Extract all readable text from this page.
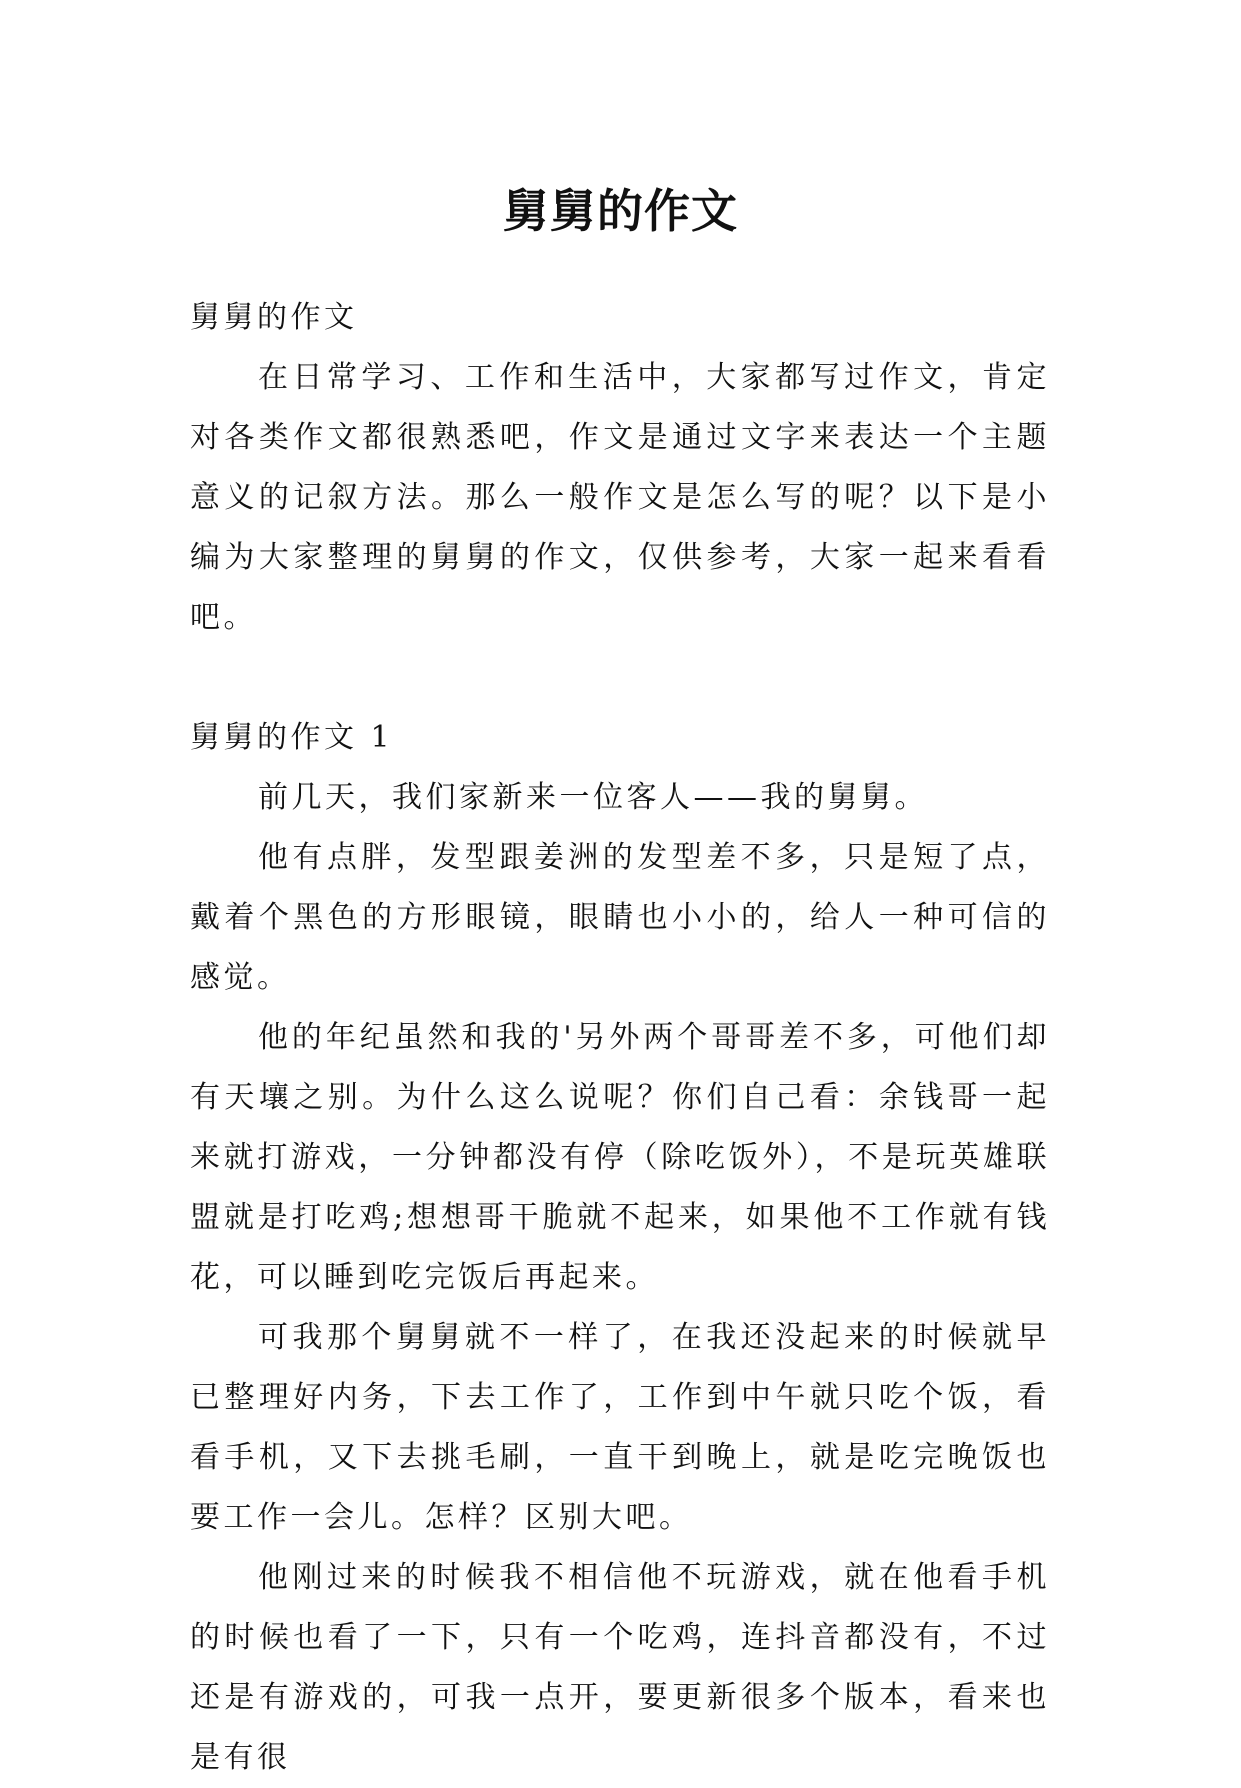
舅舅的作文

舅舅的作文

在日常学习、工作和生活中，大家都写过作文，肯定对各类作文都很熟悉吧，作文是通过文字来表达一个主题意义的记叙方法。那么一般作文是怎么写的呢？以下是小编为大家整理的舅舅的作文，仅供参考，大家一起来看看吧。

舅舅的作文 1

前几天，我们家新来一位客人——我的舅舅。

他有点胖，发型跟姜洲的发型差不多，只是短了点，戴着个黑色的方形眼镜，眼睛也小小的，给人一种可信的感觉。

他的年纪虽然和我的'另外两个哥哥差不多，可他们却有天壤之别。为什么这么说呢？你们自己看：余钱哥一起来就打游戏，一分钟都没有停（除吃饭外），不是玩英雄联盟就是打吃鸡;想想哥干脆就不起来，如果他不工作就有钱花，可以睡到吃完饭后再起来。

可我那个舅舅就不一样了，在我还没起来的时候就早已整理好内务，下去工作了，工作到中午就只吃个饭，看看手机，又下去挑毛刷，一直干到晚上，就是吃完晚饭也要工作一会儿。怎样？区别大吧。

他刚过来的时候我不相信他不玩游戏，就在他看手机的时候也看了一下，只有一个吃鸡，连抖音都没有，不过还是有游戏的，可我一点开，要更新很多个版本，看来也是有很
